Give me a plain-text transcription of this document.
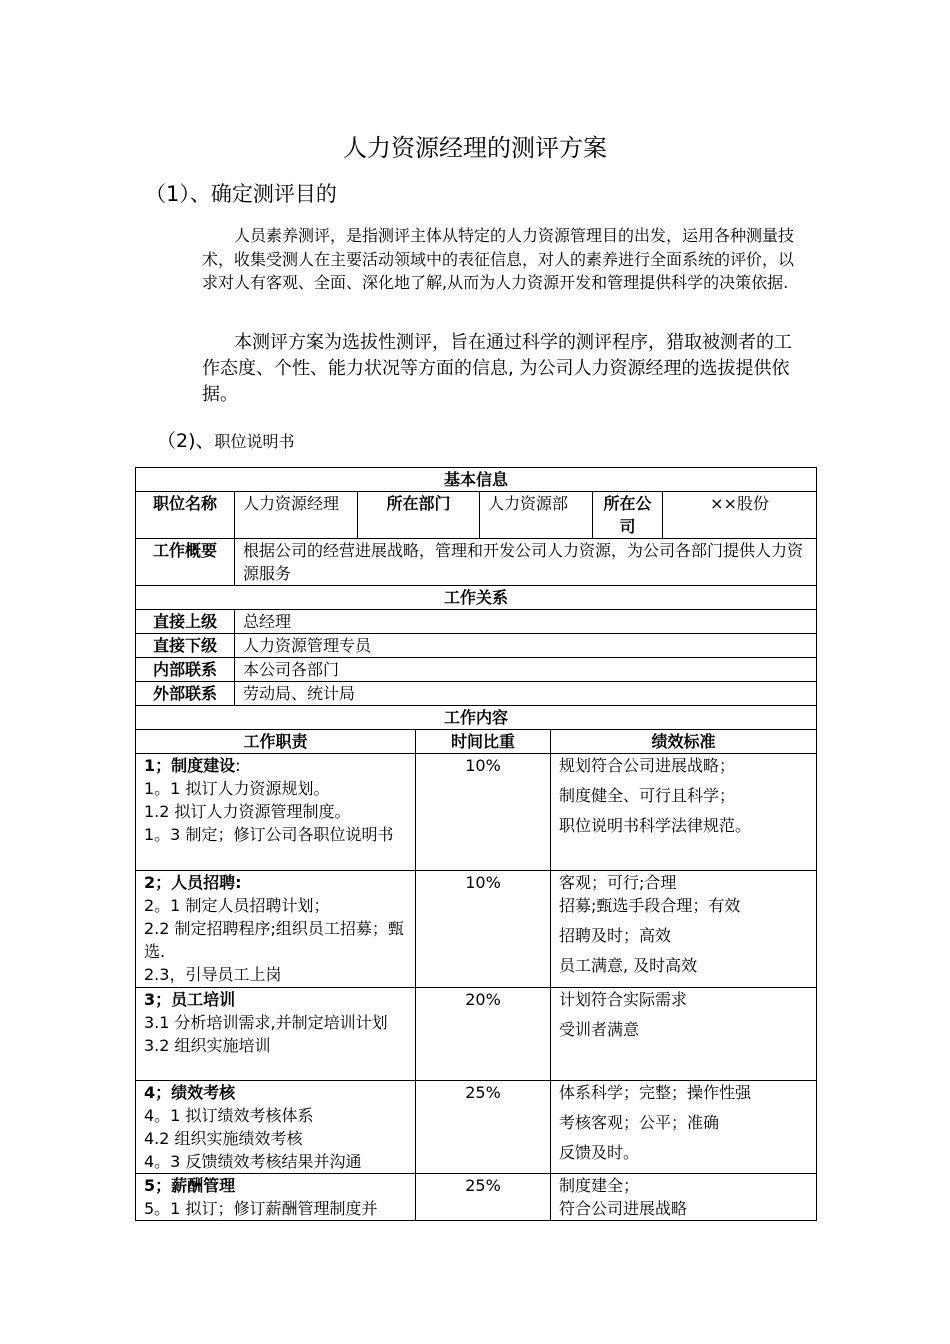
人力资源经理的测评方案
（1）、确定测评目的

人员素养测评，是指测评主体从特定的人力资源管理目的出发，运用各种测量技术，收集受测人在主要活动领域中的表征信息，对人的素养进行全面系统的评价，以求对人有客观、全面、深化地了解,从而为人力资源开发和管理提供科学的决策依据.

本测评方案为选拔性测评，旨在通过科学的测评程序，猎取被测者的工作态度、个性、能力状况等方面的信息, 为公司人力资源经理的选拔提供依据。

（2)、职位说明书
基本信息							
职位名称	人力资源经理	所在部门		人力资源部		所在公司	××股份
工作概要	根据公司的经营进展战略，管理和开发公司人力资源，为公司各部门提供人力资源服务						
工作关系							
直接上级	总经理						
直接下级	人力资源管理专员						
内部联系	本公司各部门						
外部联系	劳动局、统计局						
工作内容							
工作职责			时间比重		绩效标准		

1；制度建设:
1。1 拟订人力资源规划。
1.2 拟订人力资源管理制度。
1。3 制定；修订公司各职位说明书			10%		规划符合公司进展战略；
制度健全、可行且科学；
职位说明书科学法律规范。		

2；人员招聘:
2。1 制定人员招聘计划；
2.2 制定招聘程序;组织员工招募；甄选.
2.3，引导员工上岗			10%		客观；可行;合理
招募;甄选手段合理；有效
招聘及时；高效
员工满意, 及时高效		

3；员工培训
3.1 分析培训需求,并制定培训计划
3.2 组织实施培训			20%		计划符合实际需求
受训者满意		

4；绩效考核
4。1 拟订绩效考核体系
4.2 组织实施绩效考核
4。3 反馈绩效考核结果并沟通			25%		体系科学；完整；操作性强
考核客观；公平；准确
反馈及时。		

5；薪酬管理
5。1 拟订；修订薪酬管理制度并			25%		制度建全；
符合公司进展战略		
